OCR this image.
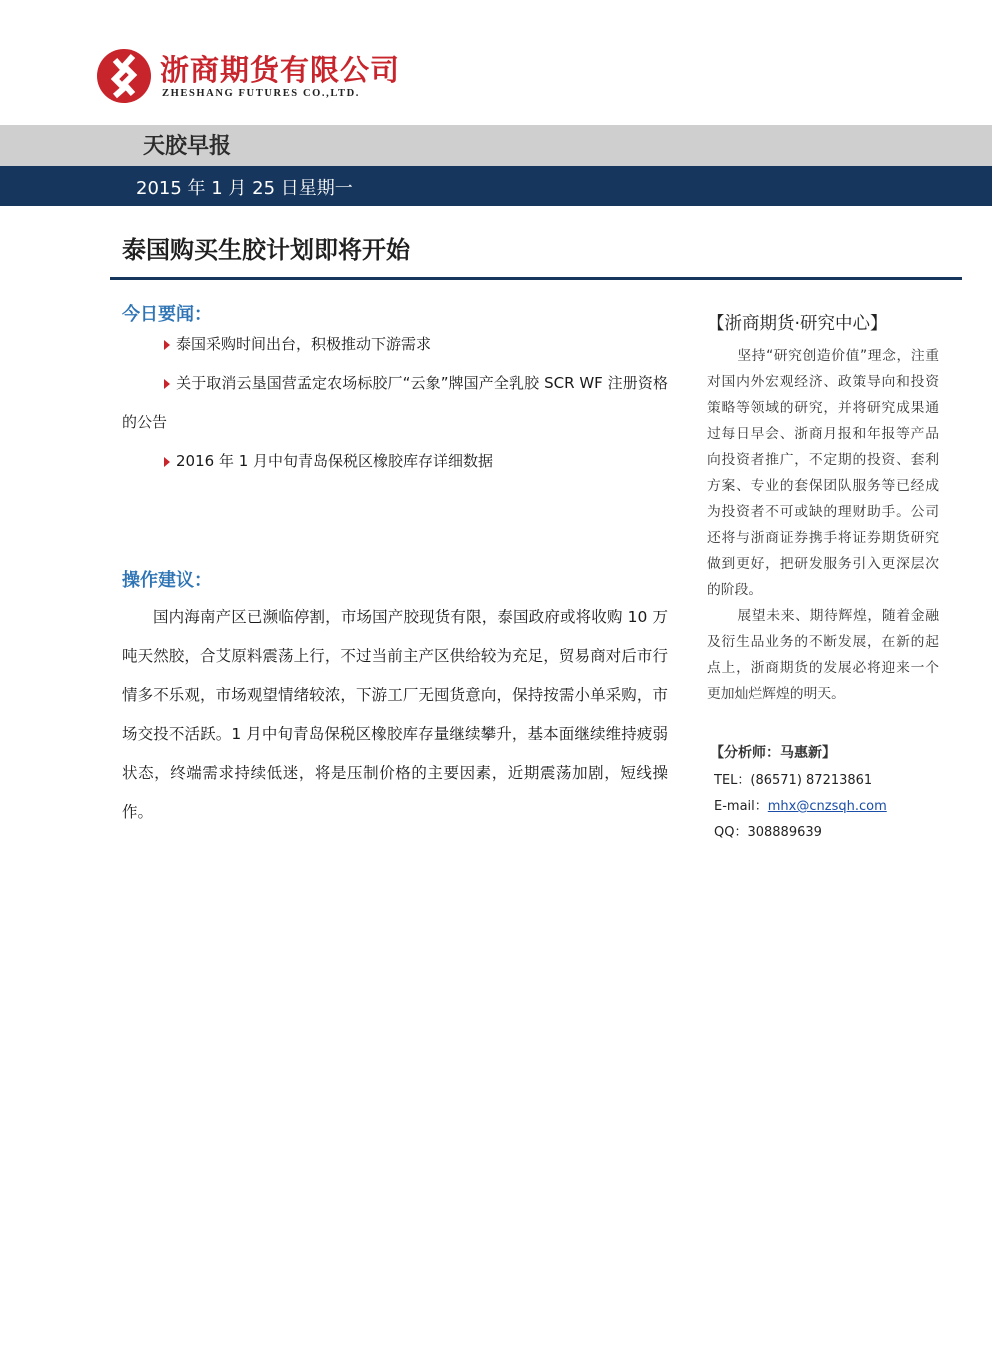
浙商期货有限公司
ZHESHANG FUTURES CO.,LTD.
天胶早报
2015 年 1 月 25 日星期一
泰国购买生胶计划即将开始
今日要闻：
泰国采购时间出台，积极推动下游需求
关于取消云垦国营孟定农场标胶厂“云象”牌国产全乳胶 SCR WF 注册资格的公告
2016 年 1 月中旬青岛保税区橡胶库存详细数据
操作建议：
国内海南产区已濒临停割，市场国产胶现货有限，泰国政府或将收购 10 万吨天然胶，合艾原料震荡上行，不过当前主产区供给较为充足，贸易商对后市行情多不乐观，市场观望情绪较浓，下游工厂无囤货意向，保持按需小单采购，市场交投不活跃。1 月中旬青岛保税区橡胶库存量继续攀升，基本面继续维持疲弱状态，终端需求持续低迷，将是压制价格的主要因素，近期震荡加剧，短线操作。
【浙商期货·研究中心】

坚持“研究创造价值”理念，注重对国内外宏观经济、政策导向和投资策略等领域的研究，并将研究成果通过每日早会、浙商月报和年报等产品向投资者推广，不定期的投资、套利方案、专业的套保团队服务等已经成为投资者不可或缺的理财助手。公司还将与浙商证券携手将证券期货研究做到更好，把研发服务引入更深层次的阶段。

展望未来、期待辉煌，随着金融及衍生品业务的不断发展，在新的起点上，浙商期货的发展必将迎来一个更加灿烂辉煌的明天。

【分析师：马惠新】
TEL：(86571) 87213861
E-mail：mhx@cnzsqh.com
QQ：308889639
